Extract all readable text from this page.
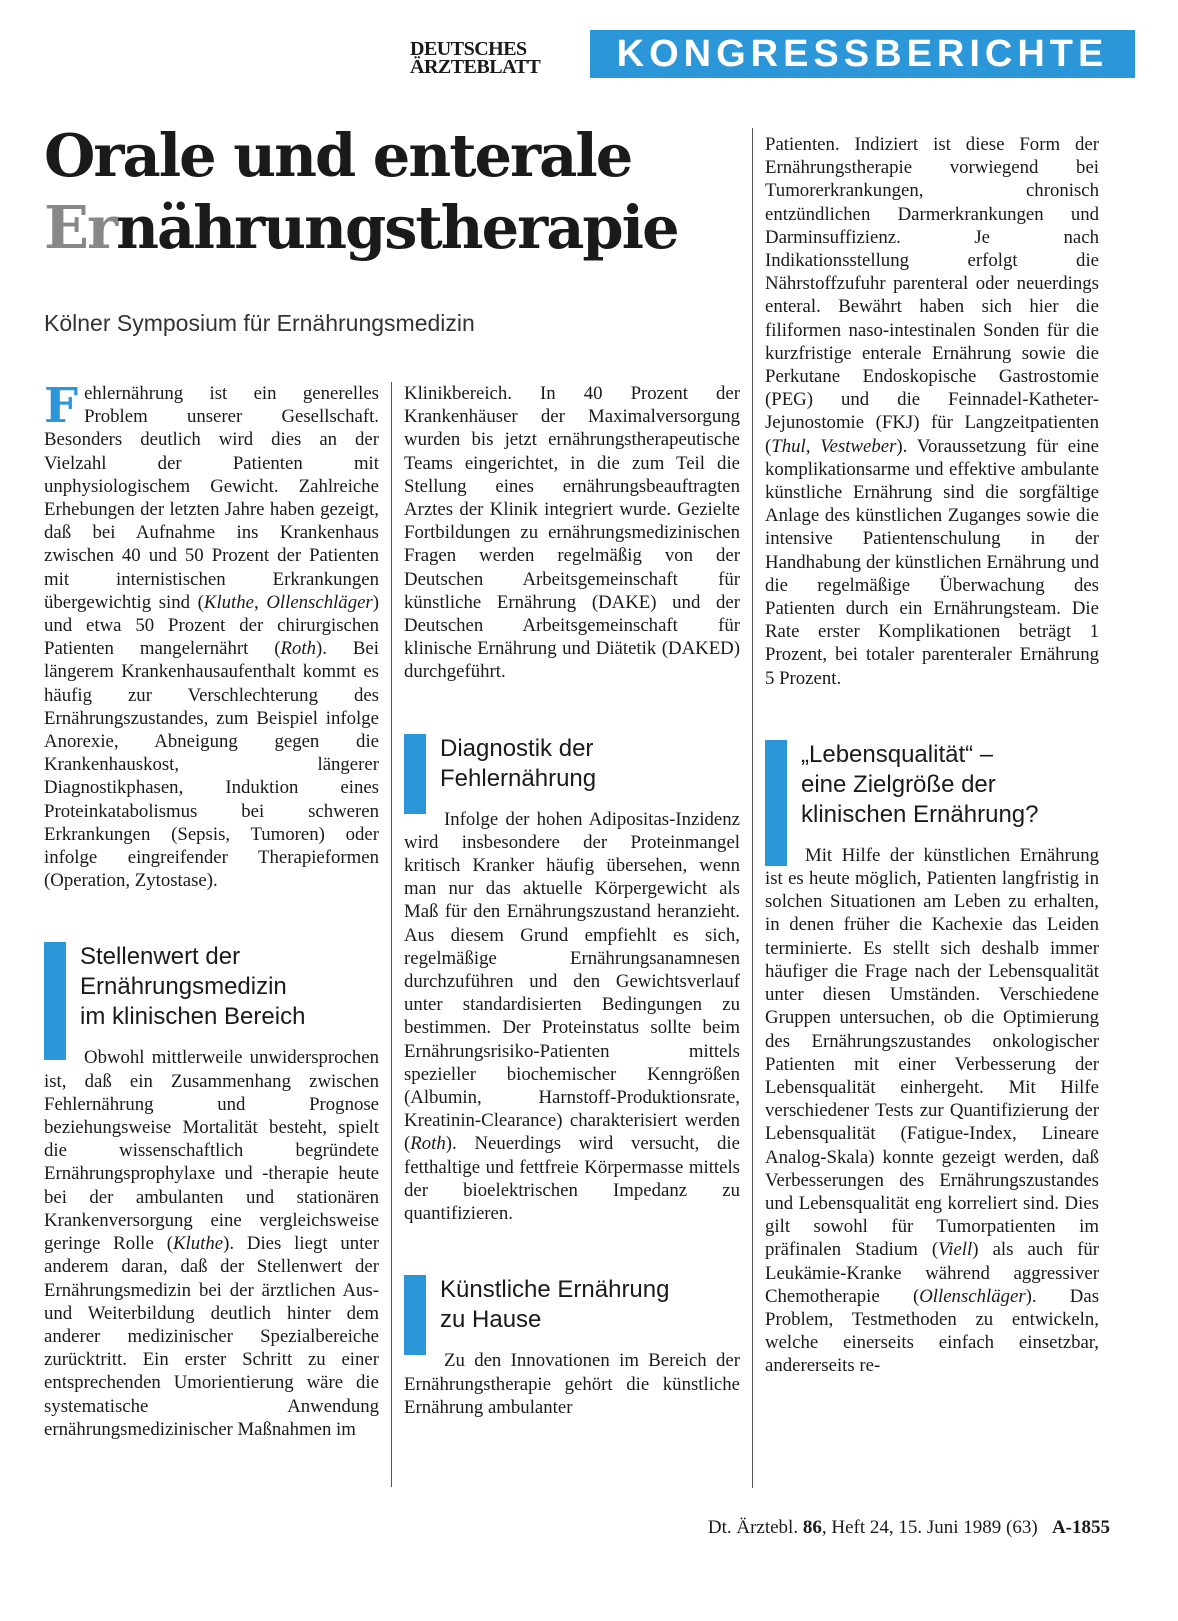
DEUTSCHES
ÄRZTEBLATT	KONGRESSBERICHTE
Orale und enterale
Ernährungstherapie
Kölner Symposium für Ernährungsmedizin

Fehlernährung ist ein generelles Problem unserer Gesellschaft. Besonders deutlich wird dies an der Vielzahl der Patienten mit unphysiologischem Gewicht. Zahlreiche Erhebungen der letzten Jahre haben gezeigt, daß bei Aufnahme ins Krankenhaus zwischen 40 und 50 Prozent der Patienten mit internistischen Erkrankungen übergewichtig sind (Kluthe, Ollenschläger) und etwa 50 Prozent der chirurgischen Patienten mangelernährt (Roth). Bei längerem Krankenhausaufenthalt kommt es häufig zur Verschlechterung des Ernährungszustandes, zum Beispiel infolge Anorexie, Abneigung gegen die Krankenhauskost, längerer Diagnostikphasen, Induktion eines Proteinkatabolismus bei schweren Erkrankungen (Sepsis, Tumoren) oder infolge eingreifender Therapieformen (Operation, Zytostase).

Stellenwert der
Ernährungsmedizin
im klinischen Bereich

Obwohl mittlerweile unwidersprochen ist, daß ein Zusammenhang zwischen Fehlernährung und Prognose beziehungsweise Mortalität besteht, spielt die wissenschaftlich begründete Ernährungsprophylaxe und -therapie heute bei der ambulanten und stationären Krankenversorgung eine vergleichsweise geringe Rolle (Kluthe). Dies liegt unter anderem daran, daß der Stellenwert der Ernährungsmedizin bei der ärztlichen Aus- und Weiterbildung deutlich hinter dem anderer medizinischer Spezialbereiche zurücktritt. Ein erster Schritt zu einer entsprechenden Umorientierung wäre die systematische Anwendung ernährungsmedizinischer Maßnahmen im

Klinikbereich. In 40 Prozent der Krankenhäuser der Maximalversorgung wurden bis jetzt ernährungstherapeutische Teams eingerichtet, in die zum Teil die Stellung eines ernährungsbeauftragten Arztes der Klinik integriert wurde. Gezielte Fortbildungen zu ernährungsmedizinischen Fragen werden regelmäßig von der Deutschen Arbeitsgemeinschaft für künstliche Ernährung (DAKE) und der Deutschen Arbeitsgemeinschaft für klinische Ernährung und Diätetik (DAKED) durchgeführt.

Diagnostik der
Fehlernährung

Infolge der hohen Adipositas-Inzidenz wird insbesondere der Proteinmangel kritisch Kranker häufig übersehen, wenn man nur das aktuelle Körpergewicht als Maß für den Ernährungszustand heranzieht. Aus diesem Grund empfiehlt es sich, regelmäßige Ernährungsanamnesen durchzuführen und den Gewichtsverlauf unter standardisierten Bedingungen zu bestimmen. Der Proteinstatus sollte beim Ernährungsrisiko-Patienten mittels spezieller biochemischer Kenngrößen (Albumin, Harnstoff-Produktionsrate, Kreatinin-Clearance) charakterisiert werden (Roth). Neuerdings wird versucht, die fetthaltige und fettfreie Körpermasse mittels der bioelektrischen Impedanz zu quantifizieren.

Künstliche Ernährung
zu Hause

Zu den Innovationen im Bereich der Ernährungstherapie gehört die künstliche Ernährung ambulanter

Patienten. Indiziert ist diese Form der Ernährungstherapie vorwiegend bei Tumorerkrankungen, chronisch entzündlichen Darmerkrankungen und Darminsuffizienz. Je nach Indikationsstellung erfolgt die Nährstoffzufuhr parenteral oder neuerdings enteral. Bewährt haben sich hier die filiformen naso-intestinalen Sonden für die kurzfristige enterale Ernährung sowie die Perkutane Endoskopische Gastrostomie (PEG) und die Feinnadel-Katheter-Jejunostomie (FKJ) für Langzeitpatienten (Thul, Vestweber). Voraussetzung für eine komplikationsarme und effektive ambulante künstliche Ernährung sind die sorgfältige Anlage des künstlichen Zuganges sowie die intensive Patientenschulung in der Handhabung der künstlichen Ernährung und die regelmäßige Überwachung des Patienten durch ein Ernährungsteam. Die Rate erster Komplikationen beträgt 1 Prozent, bei totaler parenteraler Ernährung 5 Prozent.

„Lebensqualität“ –
eine Zielgröße der
klinischen Ernährung?

Mit Hilfe der künstlichen Ernährung ist es heute möglich, Patienten langfristig in solchen Situationen am Leben zu erhalten, in denen früher die Kachexie das Leiden terminierte. Es stellt sich deshalb immer häufiger die Frage nach der Lebensqualität unter diesen Umständen. Verschiedene Gruppen untersuchen, ob die Optimierung des Ernährungszustandes onkologischer Patienten mit einer Verbesserung der Lebensqualität einhergeht. Mit Hilfe verschiedener Tests zur Quantifizierung der Lebensqualität (Fatigue-Index, Lineare Analog-Skala) konnte gezeigt werden, daß Verbesserungen des Ernährungszustandes und Lebensqualität eng korreliert sind. Dies gilt sowohl für Tumorpatienten im präfinalen Stadium (Viell) als auch für Leukämie-Kranke während aggressiver Chemotherapie (Ollenschläger). Das Problem, Testmethoden zu entwickeln, welche einerseits einfach einsetzbar, andererseits re-

Dt. Ärztebl. 86, Heft 24, 15. Juni 1989 (63) A-1855
